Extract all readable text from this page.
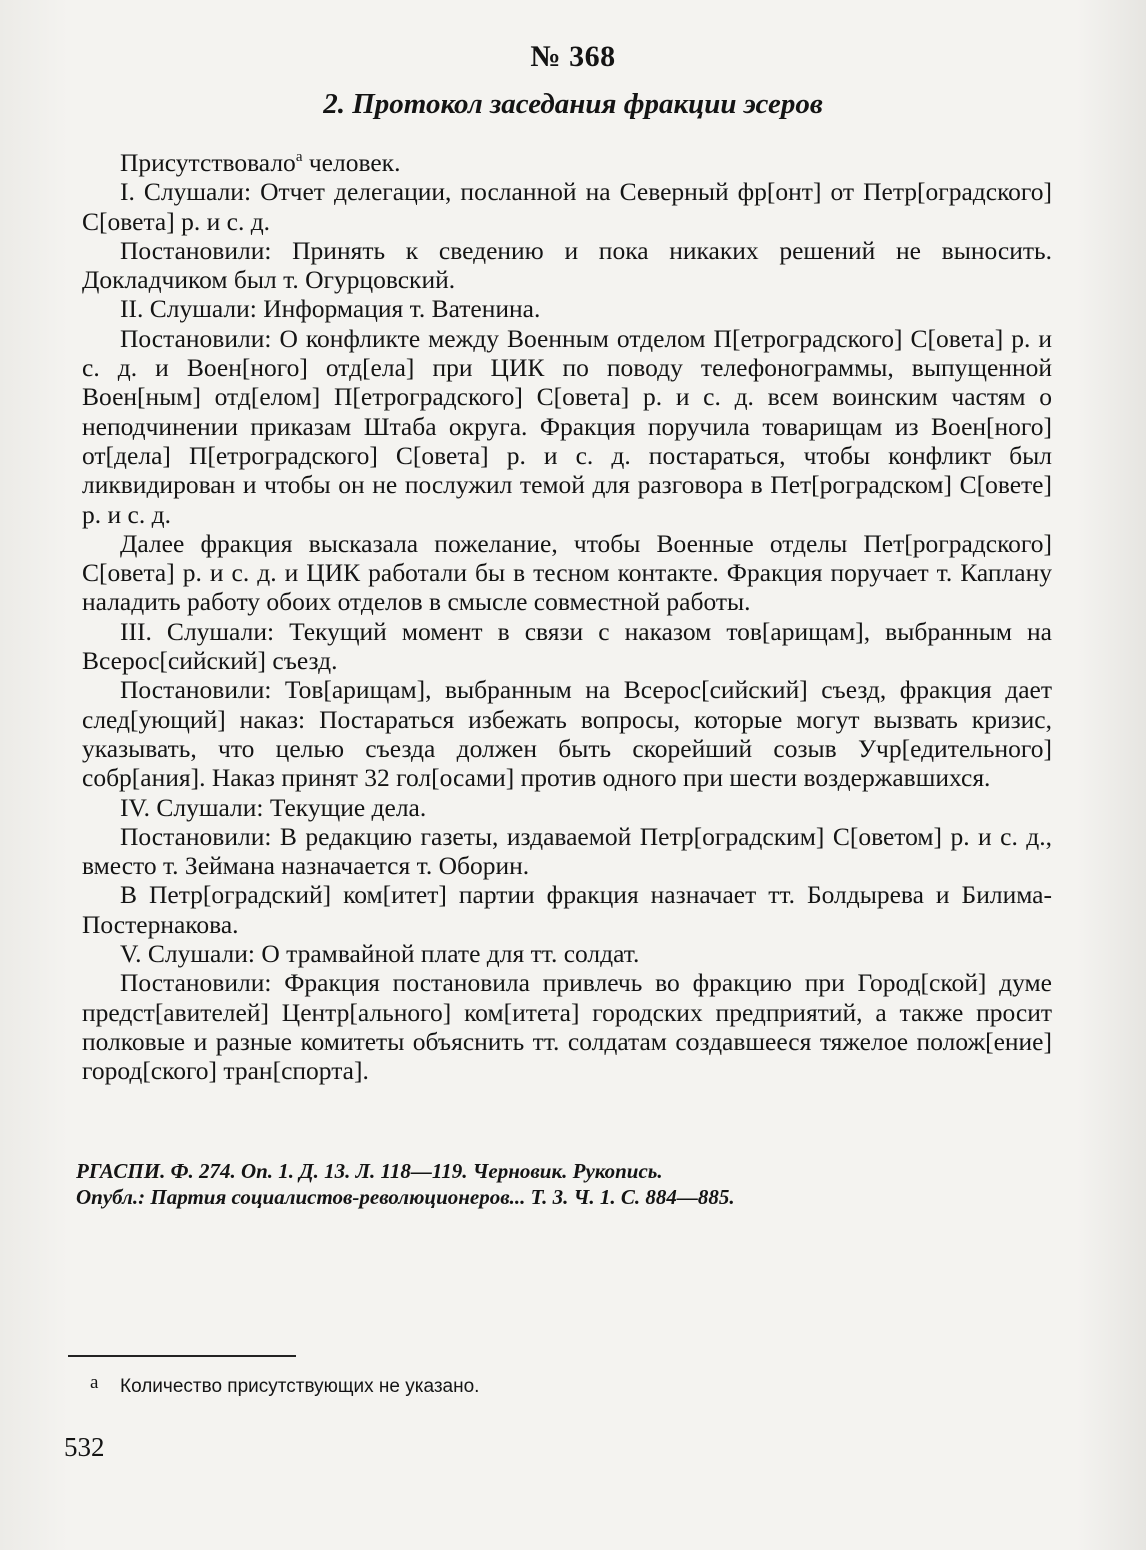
№ 368
2. Протокол заседания фракции эсеров

Присутствовало$^а$ человек.

I. Слушали: Отчет делегации, посланной на Северный фр[онт] от Петр[оградского] С[овета] р. и с. д.

Постановили: Принять к сведению и пока никаких решений не выносить. Докладчиком был т. Огурцовский.

II. Слушали: Информация т. Ватенина.

Постановили: О конфликте между Военным отделом П[етроградского] С[овета] р. и с. д. и Воен[ного] отд[ела] при ЦИК по поводу телефонограммы, выпущенной Воен[ным] отд[елом] П[етроградского] С[овета] р. и с. д. всем воинским частям о неподчинении приказам Штаба округа. Фракция поручила товарищам из Воен[ного] от[дела] П[етроградского] С[овета] р. и с. д. постараться, чтобы конфликт был ликвидирован и чтобы он не послужил темой для разговора в Пет[роградском] С[овете] р. и с. д.

Далее фракция высказала пожелание, чтобы Военные отделы Пет[роградского] С[овета] р. и с. д. и ЦИК работали бы в тесном контакте. Фракция поручает т. Каплану наладить работу обоих отделов в смысле совместной работы.

III. Слушали: Текущий момент в связи с наказом тов[арищам], выбранным на Всерос[сийский] съезд.

Постановили: Тов[арищам], выбранным на Всерос[сийский] съезд, фракция дает след[ующий] наказ: Постараться избежать вопросы, которые могут вызвать кризис, указывать, что целью съезда должен быть скорейший созыв Учр[едительного] собр[ания]. Наказ принят 32 гол[осами] против одного при шести воздержавшихся.

IV. Слушали: Текущие дела.

Постановили: В редакцию газеты, издаваемой Петр[оградским] С[оветом] р. и с. д., вместо т. Зеймана назначается т. Оборин.

В Петр[оградский] ком[итет] партии фракция назначает тт. Болдырева и Билима-Постернакова.

V. Слушали: О трамвайной плате для тт. солдат.

Постановили: Фракция постановила привлечь во фракцию при Город[ской] думе предст[авителей] Центр[ального] ком[итета] городских предприятий, а также просит полковые и разные комитеты объяснить тт. солдатам создавшееся тяжелое полож[ение] город[ского] тран[спорта].

РГАСПИ. Ф. 274. Оп. 1. Д. 13. Л. 118—119. Черновик. Рукопись.
Опубл.: Партия социалистов-революционеров... Т. 3. Ч. 1. С. 884—885.
а Количество присутствующих не указано.
532
